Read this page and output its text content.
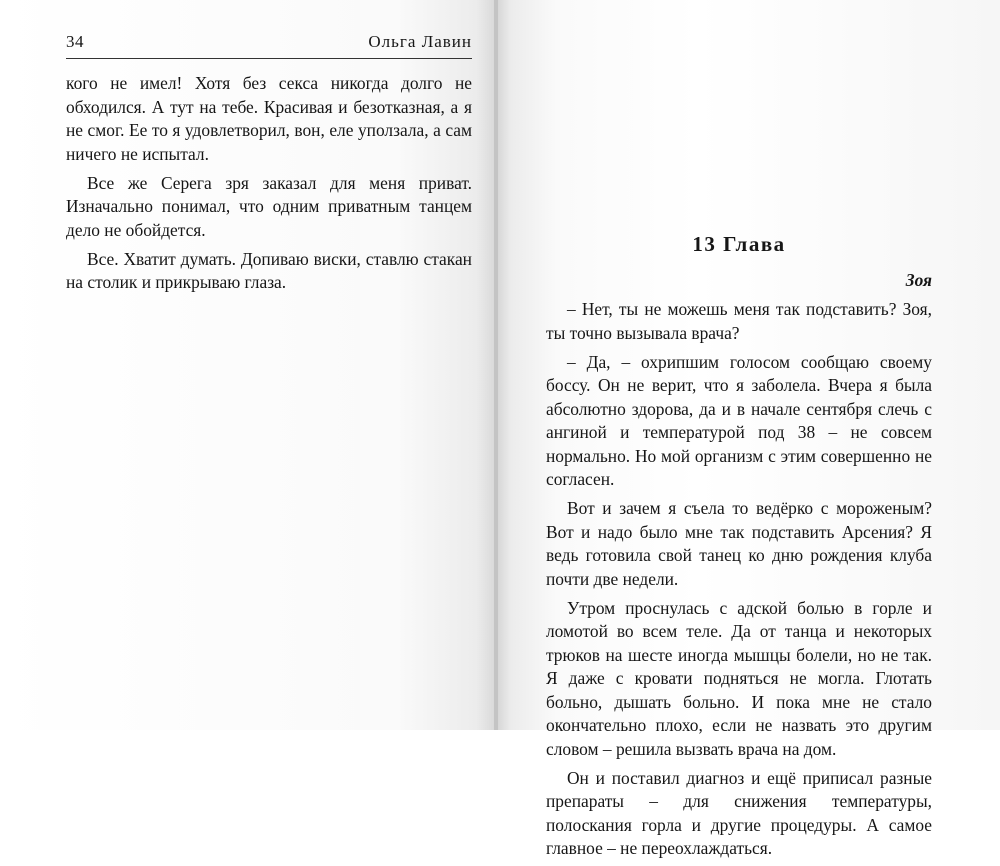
34	Ольга Лавин

кого не имел! Хотя без секса никогда долго не обходился. А тут на тебе. Красивая и безотказная, а я не смог. Ее то я удовлетворил, вон, еле уползала, а сам ничего не испытал.

Все же Серега зря заказал для меня приват. Изначально понимал, что одним приватным танцем дело не обойдется.

Все. Хватит думать. Допиваю виски, ставлю стакан на столик и прикрываю глаза.

13 Глава
Зоя

– Нет, ты не можешь меня так подставить? Зоя, ты точно вызывала врача?

– Да, – охрипшим голосом сообщаю своему боссу. Он не верит, что я заболела. Вчера я была абсолютно здорова, да и в начале сентября слечь с ангиной и температурой под 38 – не совсем нормально. Но мой организм с этим совершенно не согласен.

Вот и зачем я съела то ведёрко с мороженым? Вот и надо было мне так подставить Арсения? Я ведь готовила свой танец ко дню рождения клуба почти две недели.

Утром проснулась с адской болью в горле и ломотой во всем теле. Да от танца и некоторых трюков на шесте иногда мышцы болели, но не так. Я даже с кровати подняться не могла. Глотать больно, дышать больно. И пока мне не стало окончательно плохо, если не назвать это другим словом – решила вызвать врача на дом.

Он и поставил диагноз и ещё приписал разные препараты – для снижения температуры, полоскания горла и другие процедуры. А самое главное – не переохлаждаться.
